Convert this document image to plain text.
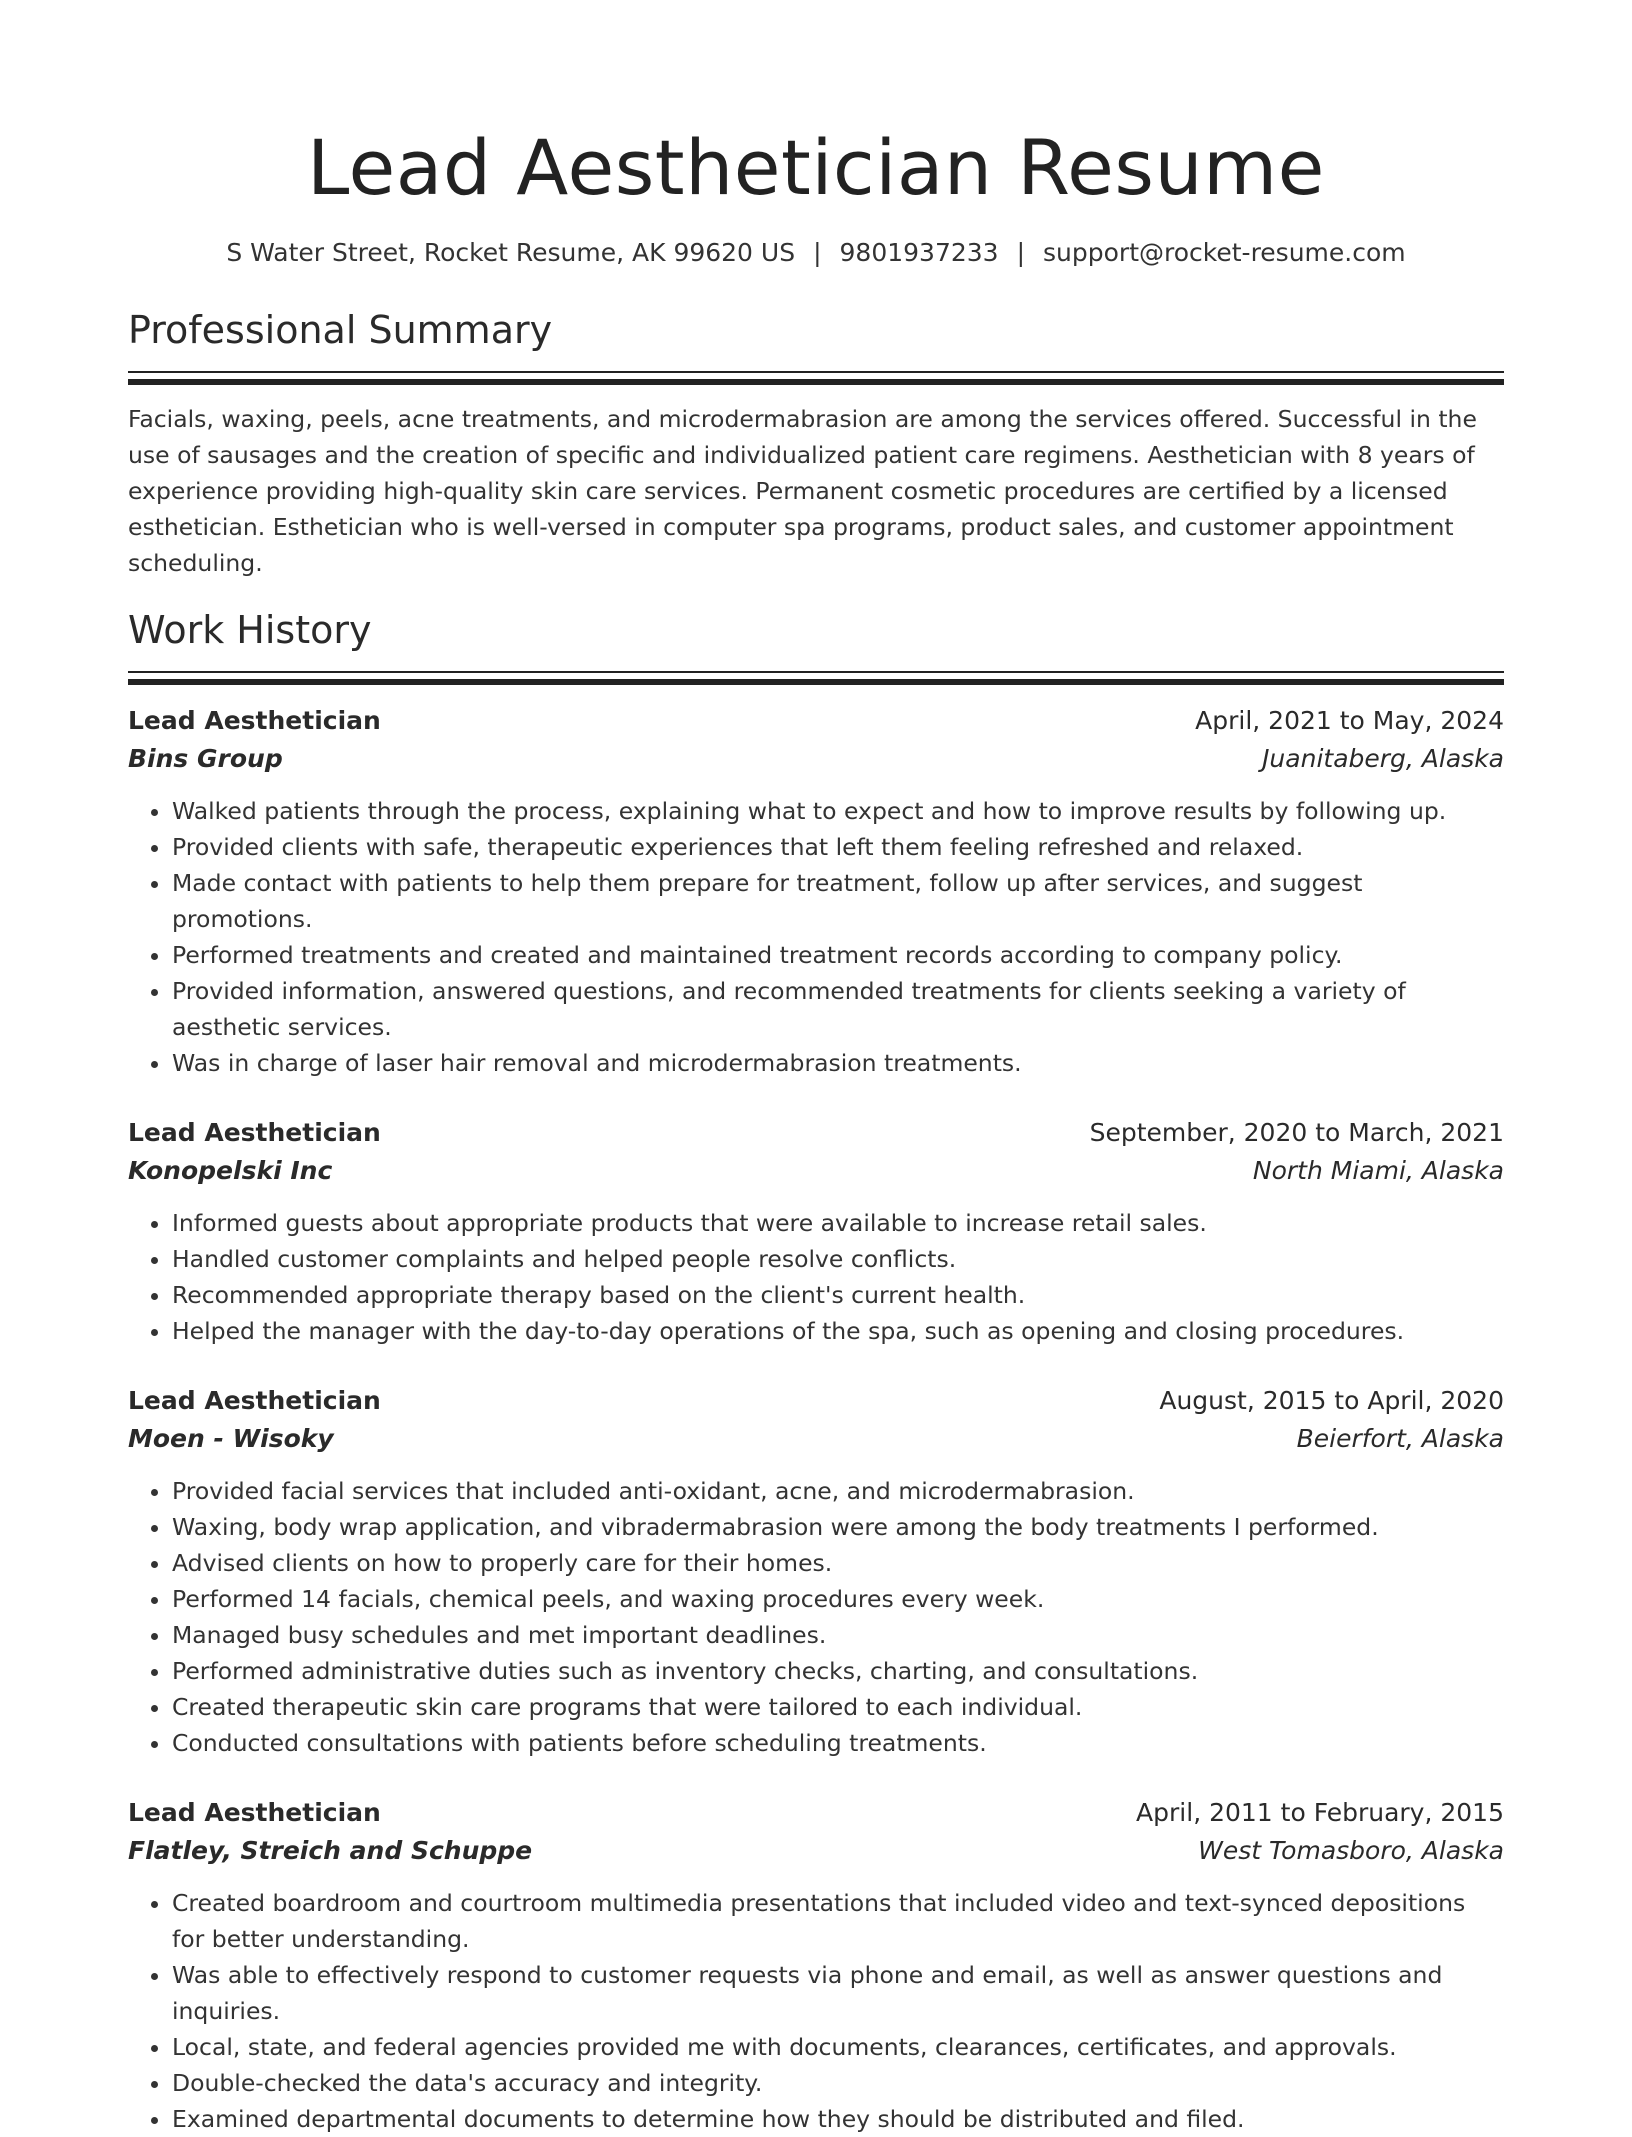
Lead Aesthetician Resume
S Water Street, Rocket Resume, AK 99620 US | 9801937233 | support@rocket-resume.com
Professional Summary

Facials, waxing, peels, acne treatments, and microdermabrasion are among the services offered. Successful in the use of sausages and the creation of specific and individualized patient care regimens. Aesthetician with 8 years of experience providing high-quality skin care services. Permanent cosmetic procedures are certified by a licensed esthetician. Esthetician who is well-versed in computer spa programs, product sales, and customer appointment scheduling.

Work History
Lead Aesthetician	April, 2021 to May, 2024
Bins Group	Juanitaberg, Alaska
• Walked patients through the process, explaining what to expect and how to improve results by following up.
• Provided clients with safe, therapeutic experiences that left them feeling refreshed and relaxed.
• Made contact with patients to help them prepare for treatment, follow up after services, and suggest promotions.
• Performed treatments and created and maintained treatment records according to company policy.
• Provided information, answered questions, and recommended treatments for clients seeking a variety of aesthetic services.
• Was in charge of laser hair removal and microdermabrasion treatments.
Lead Aesthetician	September, 2020 to March, 2021
Konopelski Inc	North Miami, Alaska
• Informed guests about appropriate products that were available to increase retail sales.
• Handled customer complaints and helped people resolve conflicts.
• Recommended appropriate therapy based on the client's current health.
• Helped the manager with the day-to-day operations of the spa, such as opening and closing procedures.
Lead Aesthetician	August, 2015 to April, 2020
Moen - Wisoky	Beierfort, Alaska
• Provided facial services that included anti-oxidant, acne, and microdermabrasion.
• Waxing, body wrap application, and vibradermabrasion were among the body treatments I performed.
• Advised clients on how to properly care for their homes.
• Performed 14 facials, chemical peels, and waxing procedures every week.
• Managed busy schedules and met important deadlines.
• Performed administrative duties such as inventory checks, charting, and consultations.
• Created therapeutic skin care programs that were tailored to each individual.
• Conducted consultations with patients before scheduling treatments.
Lead Aesthetician	April, 2011 to February, 2015
Flatley, Streich and Schuppe	West Tomasboro, Alaska
• Created boardroom and courtroom multimedia presentations that included video and text-synced depositions for better understanding.
• Was able to effectively respond to customer requests via phone and email, as well as answer questions and inquiries.
• Local, state, and federal agencies provided me with documents, clearances, certificates, and approvals.
• Double-checked the data's accuracy and integrity.
• Examined departmental documents to determine how they should be distributed and filed.
